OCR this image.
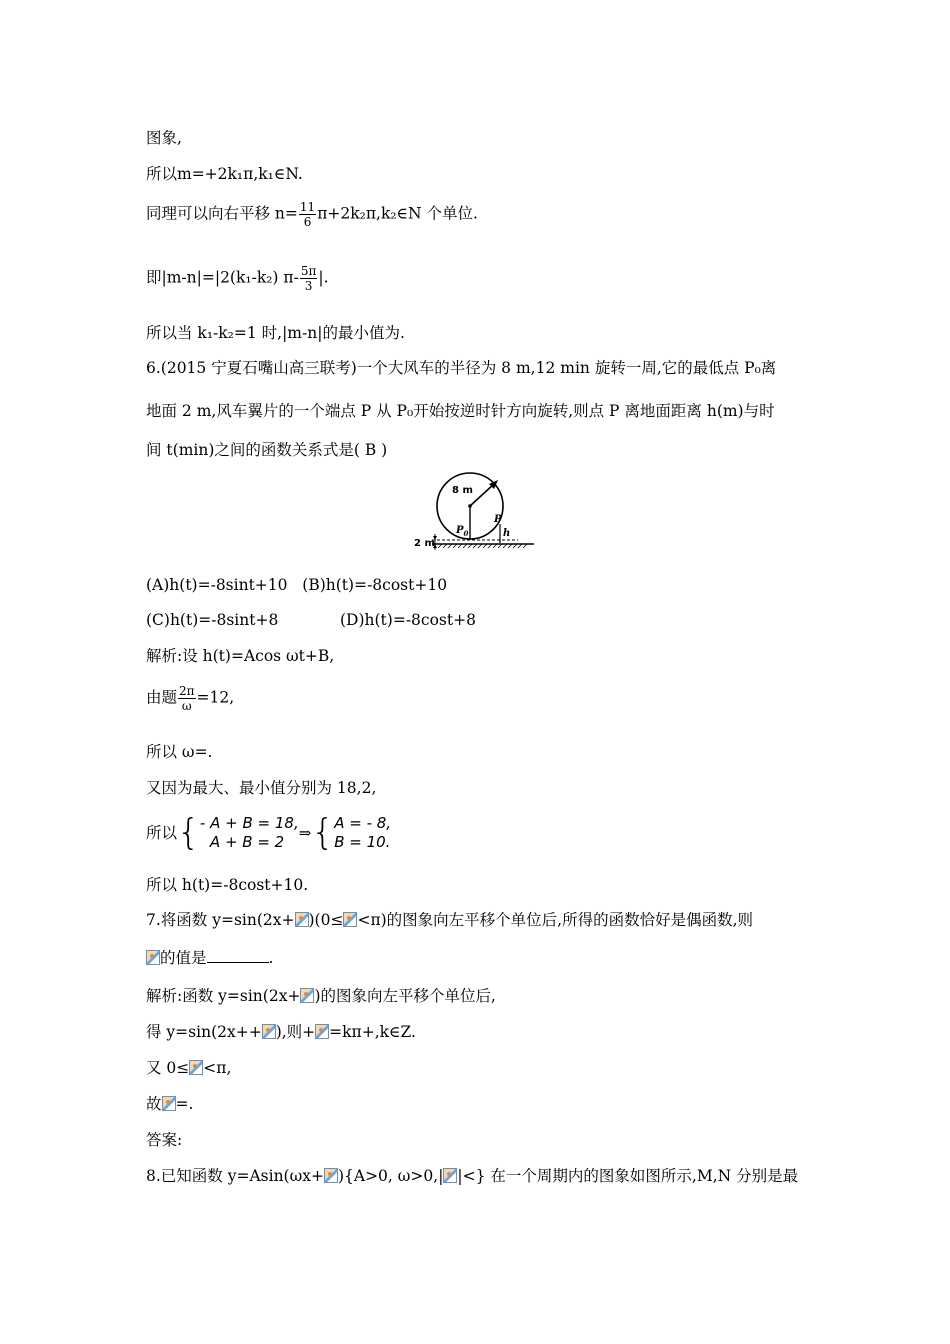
图象,
所以m=+2k₁π,k₁∈N.
同理可以向右平移 $n= \frac{11}{6}$ π+2k₂π,k₂∈N 个单位.
即|m-n|=|2(k₁-k₂) $\pi- \frac{5\pi}{3}$ |.
所以当 k₁-k₂=1 时,|m-n|的最小值为.
6.(2015 宁夏石嘴山高三联考)一个大风车的半径为 8 m,12 min 旋转一周,它的最低点 P₀离
地面 2 m,风车翼片的一个端点 P 从 P₀开始按逆时针方向旋转,则点 P 离地面距离 h(m)与时
间 t(min)之间的函数关系式是( B )
8 m
$P_0$
P
h
2 m
(A)h(t)=-8sint+10 (B)h(t)=-8cost+10
(C)h(t)=-8sint+8	(D)h(t)=-8cost+8
解析:设 h(t)=Acos ωt+B,
由题 $\frac{2\pi}{\omega} =12$,
所以 ω=.
又因为最大、最小值分别为 18,2,
所以{ - A + B = 18,
A + B = 2 ⇒{ A = - 8,
B = 10.
所以 h(t)=-8cost+10.
7.将函数 y=sin(2x+ )(0≤ <π)的图象向左平移个单位后,所得的函数恰好是偶函数,则
的值是	.
解析:函数 y=sin(2x+ )的图象向左平移个单位后,
得 y=sin(2x++ ),则+ =kπ+,k∈Z.
又 0≤ <π,
故 =.
答案:
8.已知函数 y=Asin(ωx+ ){A>0, ω>0,| |<} 在一个周期内的图象如图所示,M,N 分别是最
